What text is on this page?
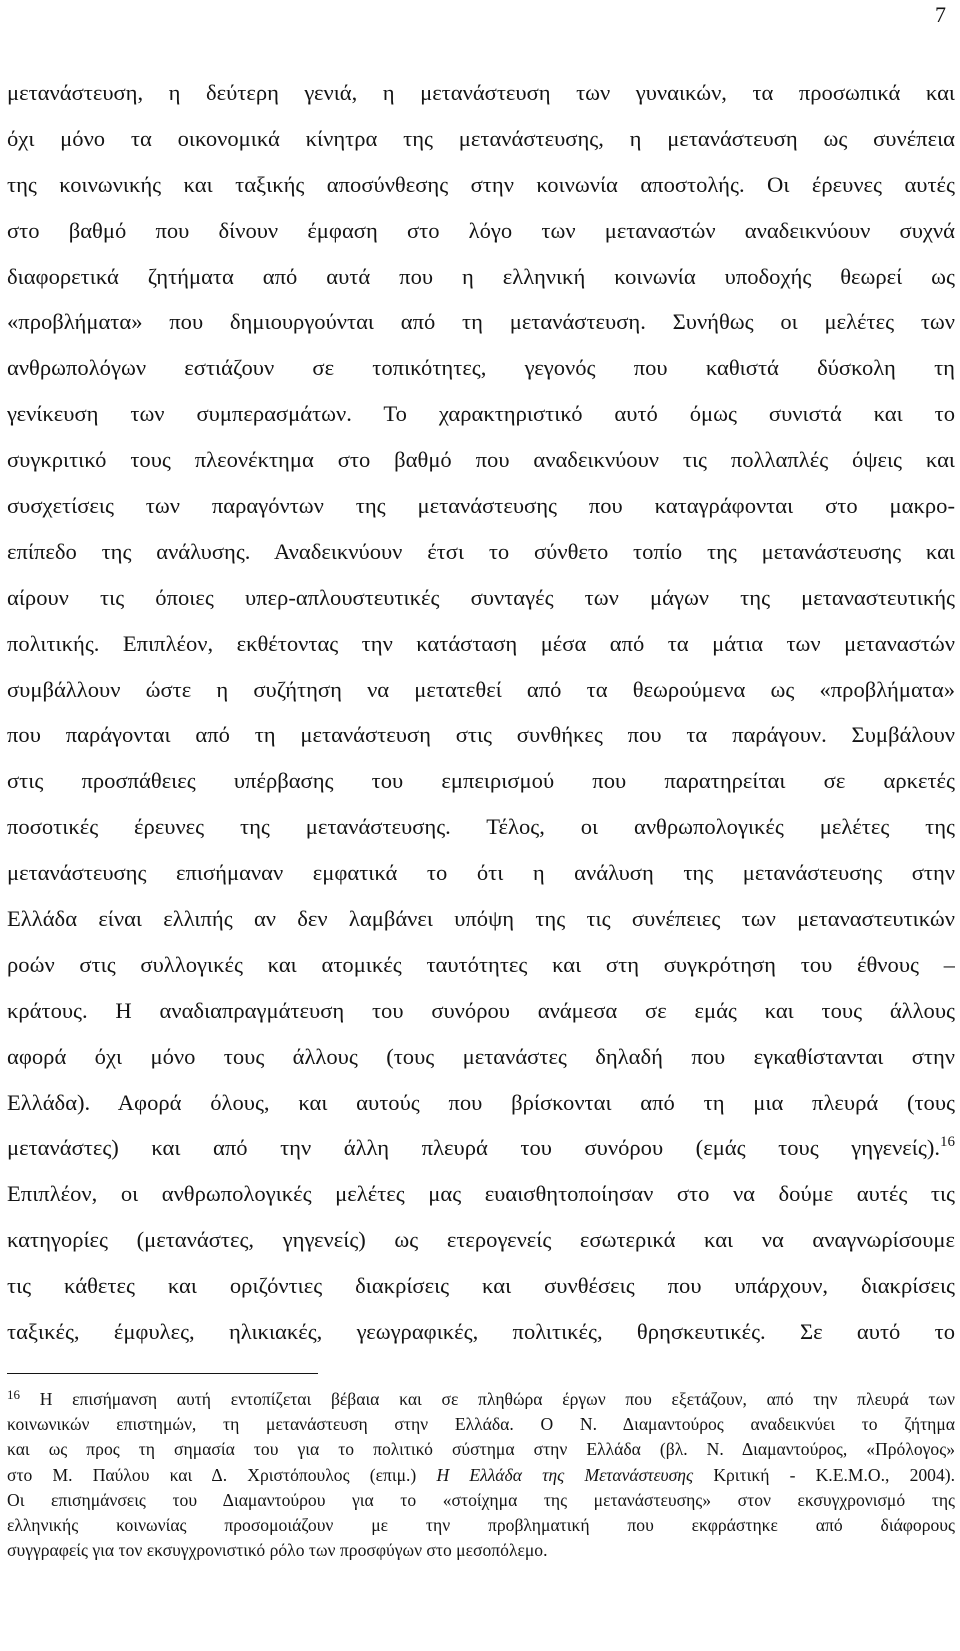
7
μετανάστευση, η δεύτερη γενιά, η μετανάστευση των γυναικών, τα προσωπικά και
όχι μόνο τα οικονομικά κίνητρα της μετανάστευσης, η μετανάστευση ως συνέπεια
της κοινωνικής και ταξικής αποσύνθεσης στην κοινωνία αποστολής. Οι έρευνες αυτές
στο βαθμό που δίνουν έμφαση στο λόγο των μεταναστών αναδεικνύουν συχνά
διαφορετικά ζητήματα από αυτά που η ελληνική κοινωνία υποδοχής θεωρεί ως
«προβλήματα» που δημιουργούνται από τη μετανάστευση. Συνήθως οι μελέτες των
ανθρωπολόγων εστιάζουν σε τοπικότητες, γεγονός που καθιστά δύσκολη τη
γενίκευση των συμπερασμάτων. Το χαρακτηριστικό αυτό όμως συνιστά και το
συγκριτικό τους πλεονέκτημα στο βαθμό που αναδεικνύουν τις πολλαπλές όψεις και
συσχετίσεις των παραγόντων της μετανάστευσης που καταγράφονται στο μακρο-
επίπεδο της ανάλυσης. Αναδεικνύουν έτσι το σύνθετο τοπίο της μετανάστευσης και
αίρουν τις όποιες υπερ-απλουστευτικές συνταγές των μάγων της μεταναστευτικής
πολιτικής. Επιπλέον, εκθέτοντας την κατάσταση μέσα από τα μάτια των μεταναστών
συμβάλλουν ώστε η συζήτηση να μετατεθεί από τα θεωρούμενα ως «προβλήματα»
που παράγονται από τη μετανάστευση στις συνθήκες που τα παράγουν. Συμβάλουν
στις προσπάθειες υπέρβασης του εμπειρισμού που παρατηρείται σε αρκετές
ποσοτικές έρευνες της μετανάστευσης. Τέλος, οι ανθρωπολογικές μελέτες της
μετανάστευσης επισήμαναν εμφατικά το ότι η ανάλυση της μετανάστευσης στην
Ελλάδα είναι ελλιπής αν δεν λαμβάνει υπόψη της τις συνέπειες των μεταναστευτικών
ροών στις συλλογικές και ατομικές ταυτότητες και στη συγκρότηση του έθνους –
κράτους. Η αναδιαπραγμάτευση του συνόρου ανάμεσα σε εμάς και τους άλλους
αφορά όχι μόνο τους άλλους (τους μετανάστες δηλαδή που εγκαθίστανται στην
Ελλάδα). Αφορά όλους, και αυτούς που βρίσκονται από τη μια πλευρά (τους
μετανάστες) και από την άλλη πλευρά του συνόρου (εμάς τους γηγενείς).$^{16}$
Επιπλέον, οι ανθρωπολογικές μελέτες μας ευαισθητοποίησαν στο να δούμε αυτές τις
κατηγορίες (μετανάστες, γηγενείς) ως ετερογενείς εσωτερικά και να αναγνωρίσουμε
τις κάθετες και οριζόντιες διακρίσεις και συνθέσεις που υπάρχουν, διακρίσεις
ταξικές, έμφυλες, ηλικιακές, γεωγραφικές, πολιτικές, θρησκευτικές. Σε αυτό το
$^{16}$ Η επισήμανση αυτή εντοπίζεται βέβαια και σε πληθώρα έργων που εξετάζουν, από την πλευρά των
κοινωνικών επιστημών, τη μετανάστευση στην Ελλάδα. Ο Ν. Διαμαντούρος αναδεικνύει το ζήτημα
και ως προς τη σημασία του για το πολιτικό σύστημα στην Ελλάδα (βλ. Ν. Διαμαντούρος, «Πρόλογος»
στο Μ. Παύλου και Δ. Χριστόπουλος (επιμ.) Η Ελλάδα της Μετανάστευσης Κριτική - Κ.Ε.Μ.Ο., 2004).
Οι επισημάνσεις του Διαμαντούρου για το «στοίχημα της μετανάστευσης» στον εκσυγχρονισμό της
ελληνικής κοινωνίας προσομοιάζουν με την προβληματική που εκφράστηκε από διάφορους
συγγραφείς για τον εκσυγχρονιστικό ρόλο των προσφύγων στο μεσοπόλεμο.
